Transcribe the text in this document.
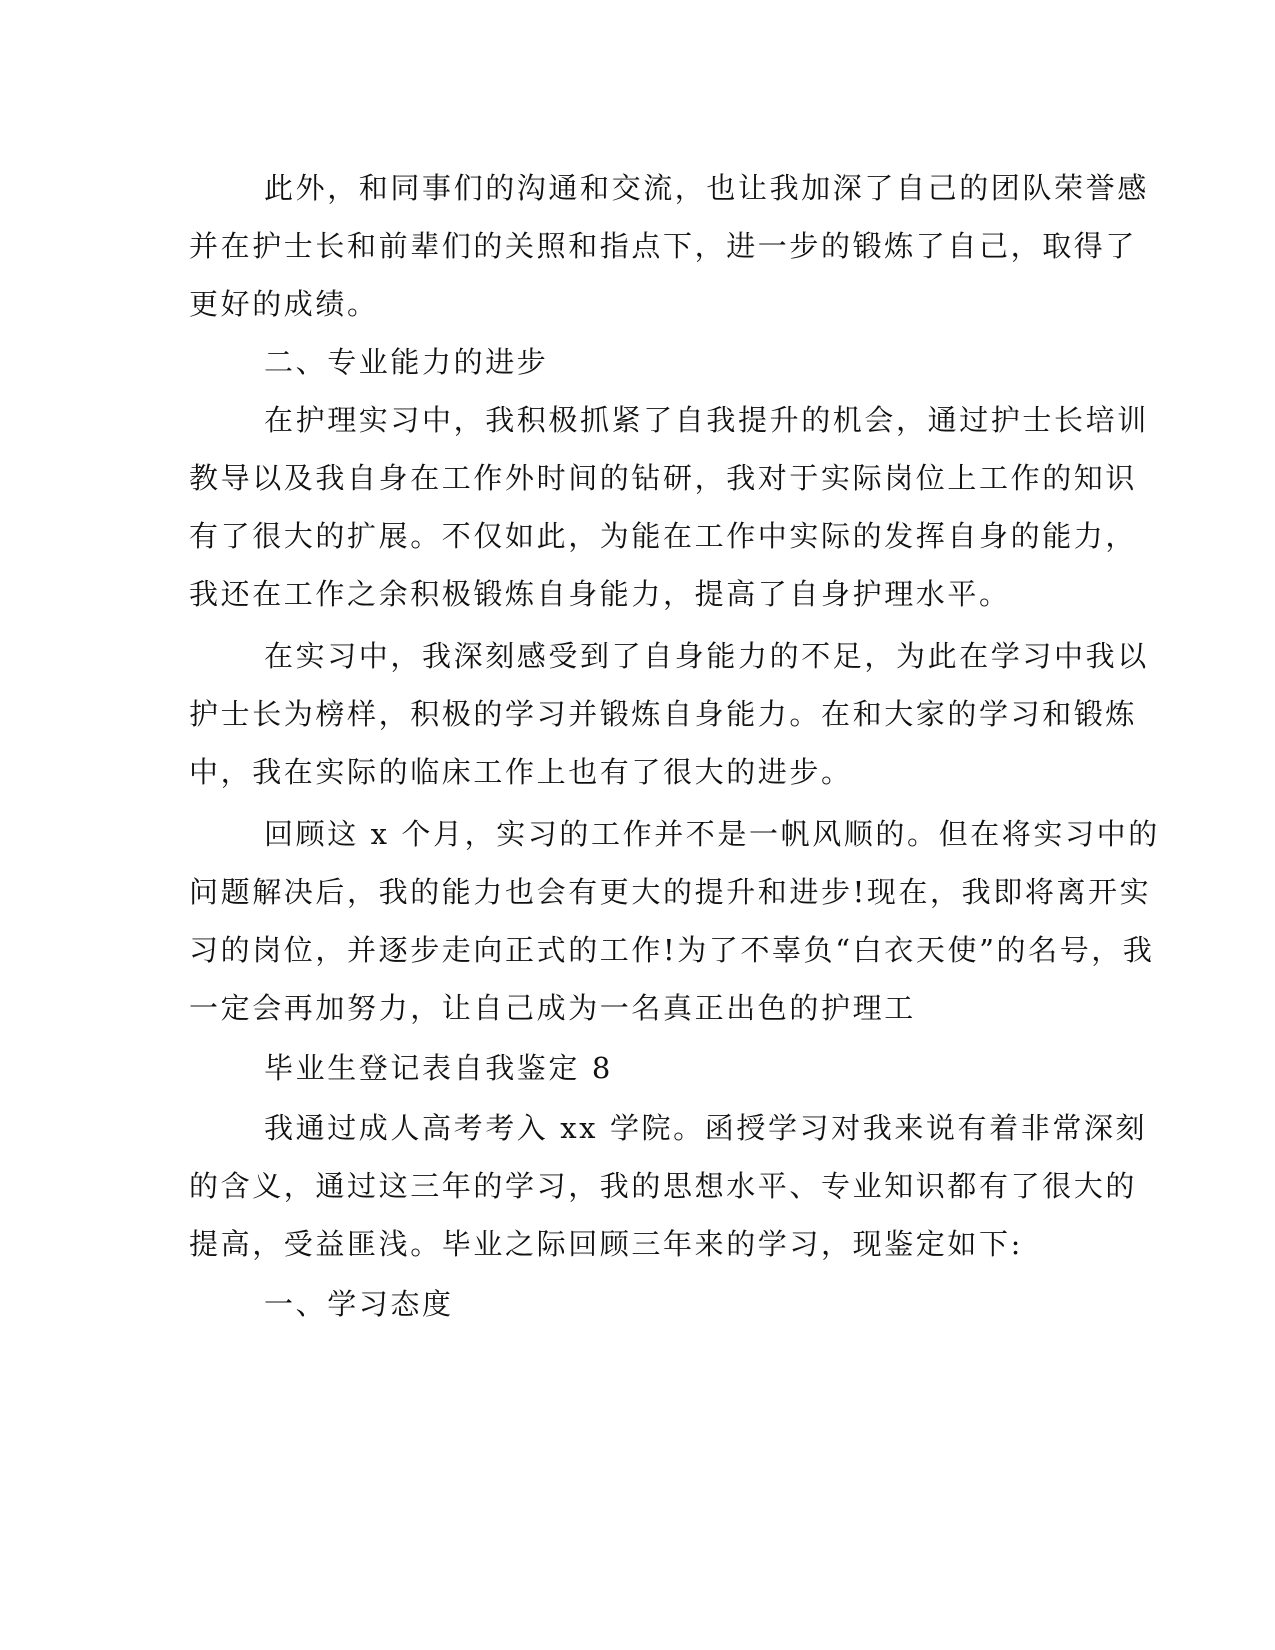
此外，和同事们的沟通和交流，也让我加深了自己的团队荣誉感

并在护士长和前辈们的关照和指点下，进一步的锻炼了自己，取得了

更好的成绩。

二、专业能力的进步

在护理实习中，我积极抓紧了自我提升的机会，通过护士长培训

教导以及我自身在工作外时间的钻研，我对于实际岗位上工作的知识

有了很大的扩展。不仅如此，为能在工作中实际的发挥自身的能力，

我还在工作之余积极锻炼自身能力，提高了自身护理水平。

在实习中，我深刻感受到了自身能力的不足，为此在学习中我以

护士长为榜样，积极的学习并锻炼自身能力。在和大家的学习和锻炼

中，我在实际的临床工作上也有了很大的进步。

回顾这 x 个月，实习的工作并不是一帆风顺的。但在将实习中的

问题解决后，我的能力也会有更大的提升和进步!现在，我即将离开实

习的岗位，并逐步走向正式的工作!为了不辜负“白衣天使”的名号，我

一定会再加努力，让自己成为一名真正出色的护理工

毕业生登记表自我鉴定 8

我通过成人高考考入 xx 学院。函授学习对我来说有着非常深刻

的含义，通过这三年的学习，我的思想水平、专业知识都有了很大的

提高，受益匪浅。毕业之际回顾三年来的学习，现鉴定如下:

一、学习态度
